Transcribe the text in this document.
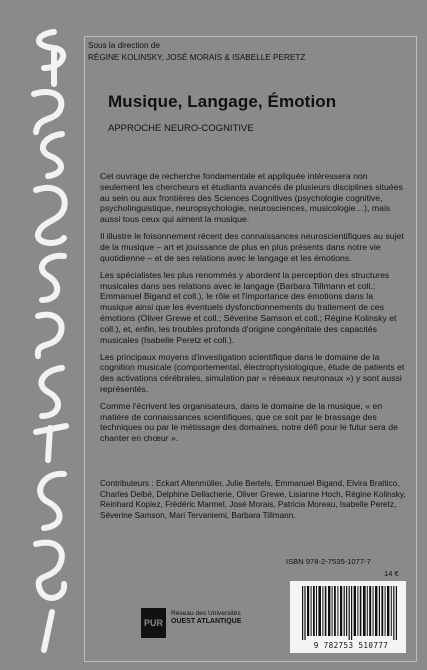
Sous la direction de
RÉGINE KOLINSKY, JOSÉ MORAIS & ISABELLE PERETZ
Musique, Langage, Émotion
APPROCHE NEURO-COGNITIVE

Cet ouvrage de recherche fondamentale et appliquée intéressera non seulement les chercheurs et étudiants avancés de plusieurs disciplines situées au sein ou aux frontières des Sciences Cognitives (psychologie cognitive, psycholinguistique, neuropsychologie, neurosciences, musicologie…), mais aussi tous ceux qui aiment la musique.

Il illustre le foisonnement récent des connaissances neuroscientifiques au sujet de la musique – art et jouissance de plus en plus présents dans notre vie quotidienne – et de ses relations avec le langage et les émotions.

Les spécialistes les plus renommés y abordent la perception des structures musicales dans ses relations avec le langage (Barbara Tillmann et coll.; Emmanuel Bigand et coll.), le rôle et l'importance des émotions dans la musique ainsi que les éventuels dysfonctionnements du traitement de ces émotions (Oliver Grewe et coll.; Séverine Samson et coll.; Régine Kolinsky et coll.), et, enfin, les troubles profonds d'origine congénitale des capacités musicales (Isabelle Peretz et coll.).

Les principaux moyens d'investigation scientifique dans le domaine de la cognition musicale (comportemental, électrophysiologique, étude de patients et des activations cérébrales, simulation par « réseaux neuronaux ») y sont aussi représentés.

Comme l'écrivent les organisateurs, dans le domaine de la musique, « en matière de connaissances scientifiques, que ce soit par le brassage des techniques ou par le métissage des domaines, notre défi pour le futur sera de chanter en chœur ».

Contributeurs : Eckart Altenmüller, Julie Bertels, Emmanuel Bigand, Elvira Brattico, Charles Delbé, Delphine Dellacherie, Oliver Grewe, Lisianne Hoch, Régine Kolinsky, Reinhard Kopiez, Frédéric Marmel, José Morais, Patricia Moreau, Isabelle Peretz, Séverine Samson, Mari Tervaniemi, Barbara Tillmann.
ISBN 978-2-7535-1077-7
14 €
PUR
Réseau des Universités
OUEST ATLANTIQUE
9 782753 510777
